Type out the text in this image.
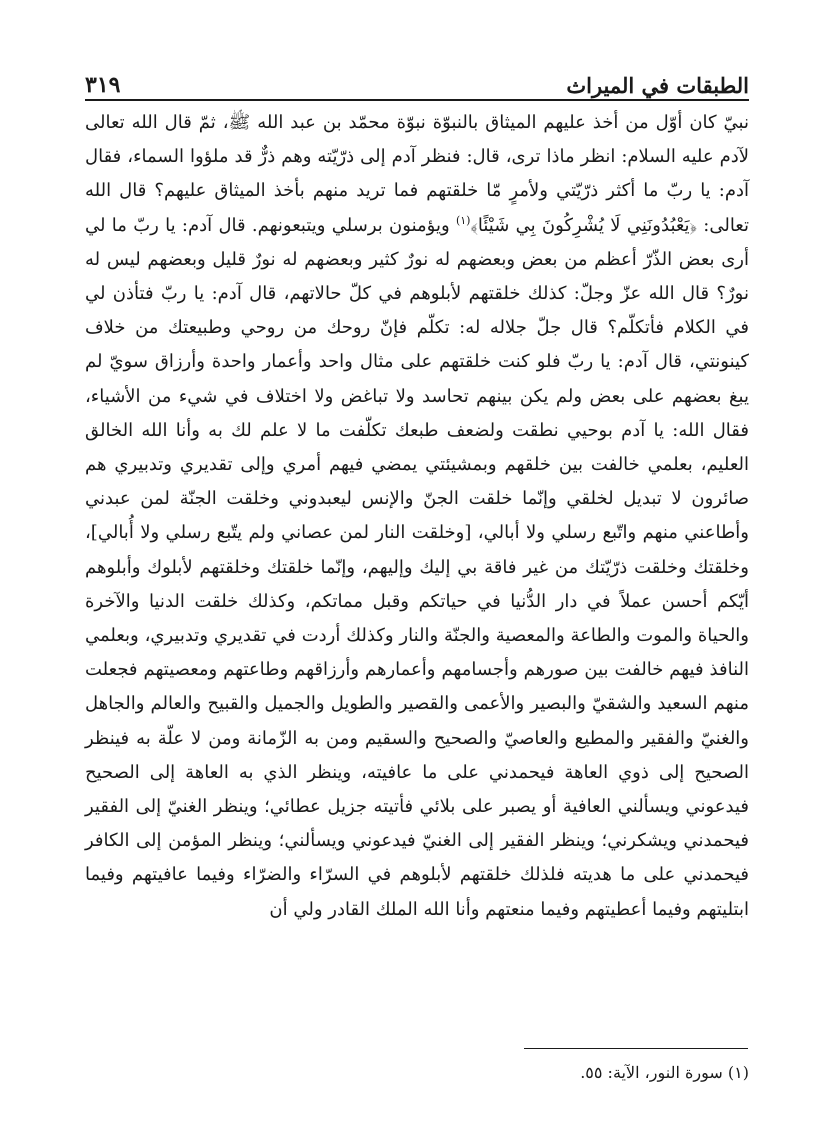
الطبقات في الميراث
٣١٩

نبيّ كان أوّل من أخذ عليهم الميثاق بالنبوّة نبوّة محمّد بن عبد الله ﷺ، ثمّ قال الله تعالى لآدم عليه السلام: انظر ماذا ترى، قال: فنظر آدم إلى ذرّيّته وهم ذرٌّ قد ملؤوا السماء، فقال آدم: يا ربّ ما أكثر ذرّيّتي ولأمرٍ مّا خلقتهم فما تريد منهم بأخذ الميثاق عليهم؟ قال الله تعالى: ﴿يَعْبُدُونَنِي لَا يُشْرِكُونَ بِي شَيْئًا﴾$^{(١)}$ ويؤمنون برسلي ويتبعونهم. قال آدم: يا ربّ ما لي أرى بعض الذّرّ أعظم من بعض وبعضهم له نورٌ كثير وبعضهم له نورٌ قليل وبعضهم ليس له نورٌ؟ قال الله عزّ وجلّ: كذلك خلقتهم لأبلوهم في كلّ حالاتهم، قال آدم: يا ربّ فتأذن لي في الكلام فأتكلّم؟ قال جلّ جلاله له: تكلّم فإنّ روحك من روحي وطبيعتك من خلاف كينونتي، قال آدم: يا ربّ فلو كنت خلقتهم على مثال واحد وأعمار واحدة وأرزاق سويّ لم يبغ بعضهم على بعض ولم يكن بينهم تحاسد ولا تباغض ولا اختلاف في شيء من الأشياء، فقال الله: يا آدم بوحيي نطقت ولضعف طبعك تكلّفت ما لا علم لك به وأنا الله الخالق العليم، بعلمي خالفت بين خلقهم وبمشيئتي يمضي فيهم أمري وإلى تقديري وتدبيري هم صائرون لا تبديل لخلقي وإنّما خلقت الجنّ والإنس ليعبدوني وخلقت الجنّة لمن عبدني وأطاعني منهم واتّبع رسلي ولا أبالي، [وخلقت النار لمن عصاني ولم يتّبع رسلي ولا أُبالي]، وخلقتك وخلقت ذرّيّتك من غير فاقة بي إليك وإليهم، وإنّما خلقتك وخلقتهم لأبلوك وأبلوهم أيّكم أحسن عملاً في دار الدُّنيا في حياتكم وقبل مماتكم، وكذلك خلقت الدنيا والآخرة والحياة والموت والطاعة والمعصية والجنّة والنار وكذلك أردت في تقديري وتدبيري، وبعلمي النافذ فيهم خالفت بين صورهم وأجسامهم وأعمارهم وأرزاقهم وطاعتهم ومعصيتهم فجعلت منهم السعيد والشقيّ والبصير والأعمى والقصير والطويل والجميل والقبيح والعالم والجاهل والغنيّ والفقير والمطيع والعاصيّ والصحيح والسقيم ومن به الزّمانة ومن لا علّة به فينظر الصحيح إلى ذوي العاهة فيحمدني على ما عافيته، وينظر الذي به العاهة إلى الصحيح فيدعوني ويسألني العافية أو يصبر على بلائي فأتيته جزيل عطائي؛ وينظر الغنيّ إلى الفقير فيحمدني ويشكرني؛ وينظر الفقير إلى الغنيّ فيدعوني ويسألني؛ وينظر المؤمن إلى الكافر فيحمدني على ما هديته فلذلك خلقتهم لأبلوهم في السرّاء والضرّاء وفيما عافيتهم وفيما ابتليتهم وفيما أعطيتهم وفيما منعتهم وأنا الله الملك القادر ولي أن

(١) سورة النور، الآية: ٥٥.
